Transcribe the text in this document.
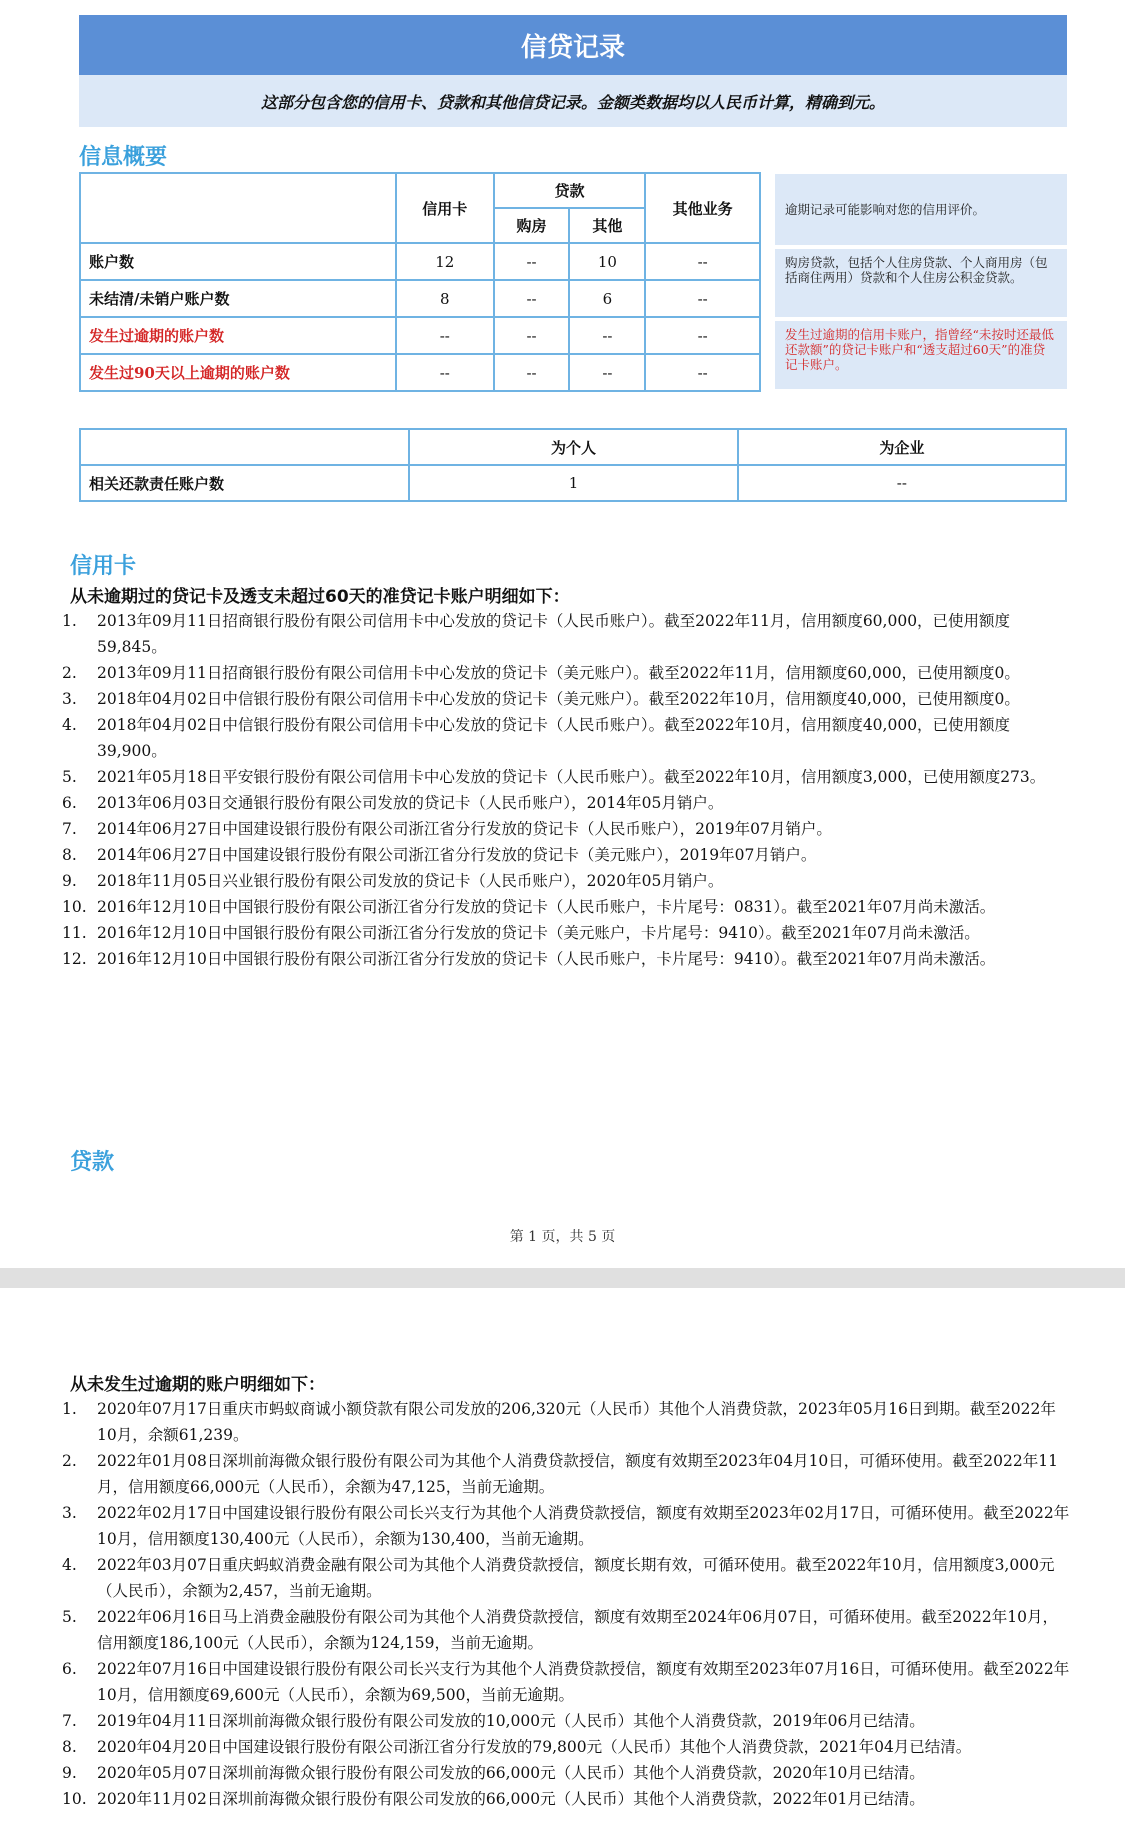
信贷记录
这部分包含您的信用卡、贷款和其他信贷记录。金额类数据均以人民币计算，精确到元。
信息概要
	信用卡	贷款		其他业务
		购房	其他	
账户数	12	--	10	--
未结清/未销户账户数	8	--	6	--
发生过逾期的账户数	--	--	--	--
发生过90天以上逾期的账户数	--	--	--	--
逾期记录可能影响对您的信用评价。
购房贷款，包括个人住房贷款、个人商用房（包括商住两用）贷款和个人住房公积金贷款。
发生过逾期的信用卡账户，指曾经“未按时还最低还款额”的贷记卡账户和“透支超过60天”的准贷记卡账户。
	为个人	为企业
相关还款责任账户数	1	--
信用卡
从未逾期过的贷记卡及透支未超过60天的准贷记卡账户明细如下：
1.	2013年09月11日招商银行股份有限公司信用卡中心发放的贷记卡（人民币账户）。截至2022年11月，信用额度60,000，已使用额度59,845。
2.	2013年09月11日招商银行股份有限公司信用卡中心发放的贷记卡（美元账户）。截至2022年11月，信用额度60,000，已使用额度0。
3.	2018年04月02日中信银行股份有限公司信用卡中心发放的贷记卡（美元账户）。截至2022年10月，信用额度40,000，已使用额度0。
4.	2018年04月02日中信银行股份有限公司信用卡中心发放的贷记卡（人民币账户）。截至2022年10月，信用额度40,000，已使用额度39,900。
5.	2021年05月18日平安银行股份有限公司信用卡中心发放的贷记卡（人民币账户）。截至2022年10月，信用额度3,000，已使用额度273。
6.	2013年06月03日交通银行股份有限公司发放的贷记卡（人民币账户），2014年05月销户。
7.	2014年06月27日中国建设银行股份有限公司浙江省分行发放的贷记卡（人民币账户），2019年07月销户。
8.	2014年06月27日中国建设银行股份有限公司浙江省分行发放的贷记卡（美元账户），2019年07月销户。
9.	2018年11月05日兴业银行股份有限公司发放的贷记卡（人民币账户），2020年05月销户。
10. 2016年12月10日中国银行股份有限公司浙江省分行发放的贷记卡（人民币账户，卡片尾号：0831）。截至2021年07月尚未激活。
11. 2016年12月10日中国银行股份有限公司浙江省分行发放的贷记卡（美元账户，卡片尾号：9410）。截至2021年07月尚未激活。
12. 2016年12月10日中国银行股份有限公司浙江省分行发放的贷记卡（人民币账户，卡片尾号：9410）。截至2021年07月尚未激活。
贷款
第 1 页，共 5 页
从未发生过逾期的账户明细如下：
1.	2020年07月17日重庆市蚂蚁商诚小额贷款有限公司发放的206,320元（人民币）其他个人消费贷款，2023年05月16日到期。截至2022年10月，余额61,239。
2.	2022年01月08日深圳前海微众银行股份有限公司为其他个人消费贷款授信，额度有效期至2023年04月10日，可循环使用。截至2022年11月，信用额度66,000元（人民币），余额为47,125，当前无逾期。
3.	2022年02月17日中国建设银行股份有限公司长兴支行为其他个人消费贷款授信，额度有效期至2023年02月17日，可循环使用。截至2022年10月，信用额度130,400元（人民币），余额为130,400，当前无逾期。
4.	2022年03月07日重庆蚂蚁消费金融有限公司为其他个人消费贷款授信，额度长期有效，可循环使用。截至2022年10月，信用额度3,000元（人民币），余额为2,457，当前无逾期。
5.	2022年06月16日马上消费金融股份有限公司为其他个人消费贷款授信，额度有效期至2024年06月07日，可循环使用。截至2022年10月，信用额度186,100元（人民币），余额为124,159，当前无逾期。
6.	2022年07月16日中国建设银行股份有限公司长兴支行为其他个人消费贷款授信，额度有效期至2023年07月16日，可循环使用。截至2022年10月，信用额度69,600元（人民币），余额为69,500，当前无逾期。
7.	2019年04月11日深圳前海微众银行股份有限公司发放的10,000元（人民币）其他个人消费贷款，2019年06月已结清。
8.	2020年04月20日中国建设银行股份有限公司浙江省分行发放的79,800元（人民币）其他个人消费贷款，2021年04月已结清。
9.	2020年05月07日深圳前海微众银行股份有限公司发放的66,000元（人民币）其他个人消费贷款，2020年10月已结清。
10. 2020年11月02日深圳前海微众银行股份有限公司发放的66,000元（人民币）其他个人消费贷款，2022年01月已结清。
